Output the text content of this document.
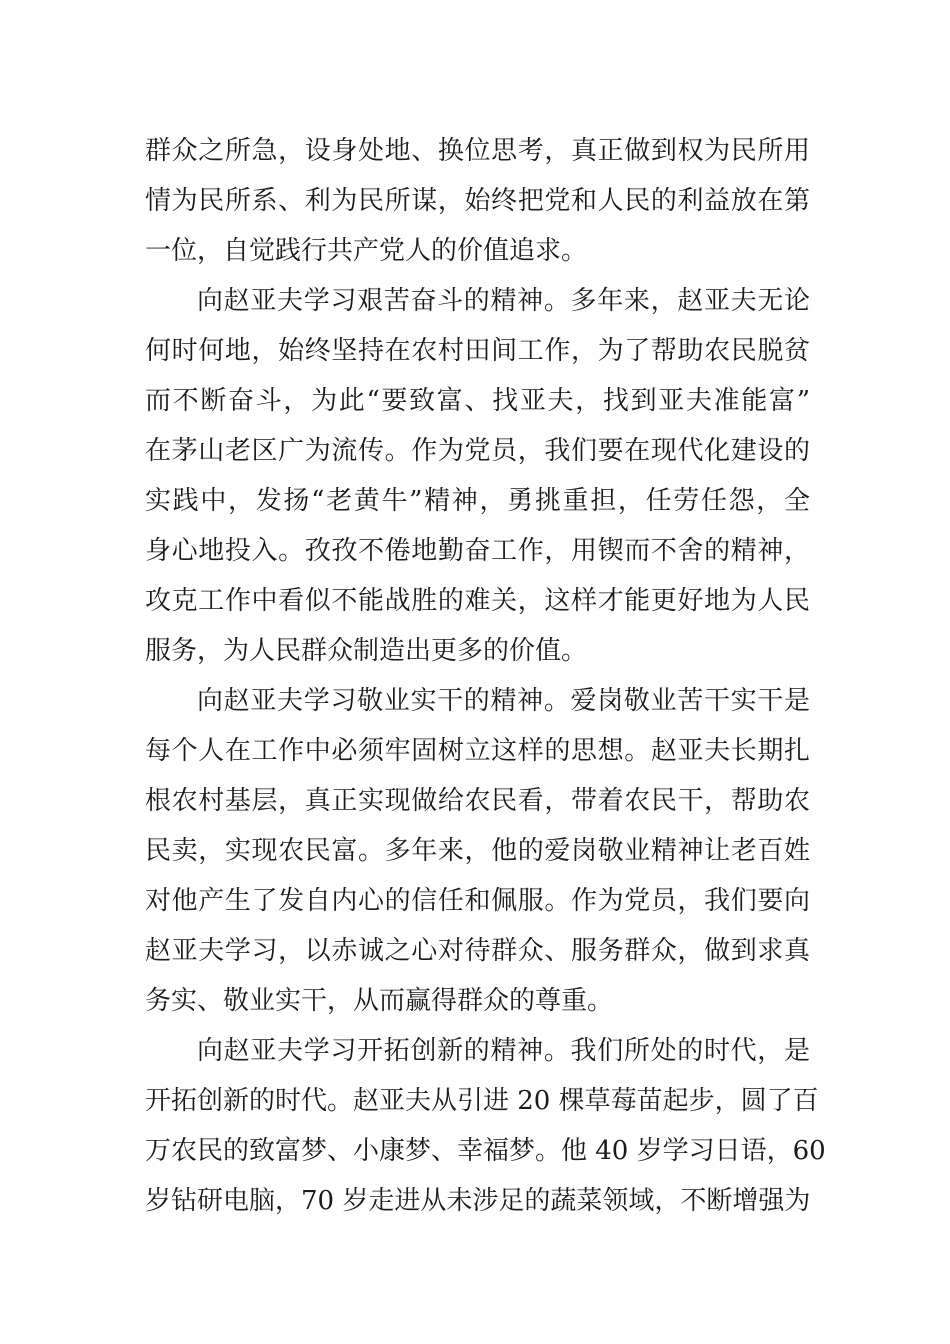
群众之所急，设身处地、换位思考，真正做到权为民所用
情为民所系、利为民所谋，始终把党和人民的利益放在第
一位，自觉践行共产党人的价值追求。
向赵亚夫学习艰苦奋斗的精神。多年来，赵亚夫无论
何时何地，始终坚持在农村田间工作，为了帮助农民脱贫
而不断奋斗，为此“要致富、找亚夫，找到亚夫准能富”
在茅山老区广为流传。作为党员，我们要在现代化建设的
实践中，发扬“老黄牛”精神，勇挑重担，任劳任怨，全
身心地投入。孜孜不倦地勤奋工作，用锲而不舍的精神，
攻克工作中看似不能战胜的难关，这样才能更好地为人民
服务，为人民群众制造出更多的价值。
向赵亚夫学习敬业实干的精神。爱岗敬业苦干实干是
每个人在工作中必须牢固树立这样的思想。赵亚夫长期扎
根农村基层，真正实现做给农民看，带着农民干，帮助农
民卖，实现农民富。多年来，他的爱岗敬业精神让老百姓
对他产生了发自内心的信任和佩服。作为党员，我们要向
赵亚夫学习，以赤诚之心对待群众、服务群众，做到求真
务实、敬业实干，从而赢得群众的尊重。
向赵亚夫学习开拓创新的精神。我们所处的时代，是
开拓创新的时代。赵亚夫从引进 20 棵草莓苗起步，圆了百
万农民的致富梦、小康梦、幸福梦。他 40 岁学习日语，60
岁钻研电脑，70 岁走进从未涉足的蔬菜领域，不断增强为
